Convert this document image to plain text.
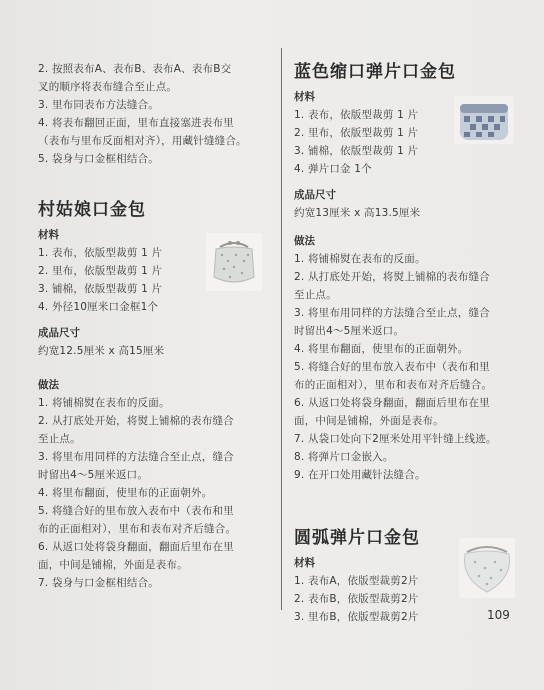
2. 按照表布A、表布B、表布A、表布B交
叉的顺序将表布缝合至止点。
3. 里布同表布方法缝合。
4. 将表布翻回正面，里布直接塞进表布里
（表布与里布反面相对齐），用藏针缝缝合。
5. 袋身与口金框相结合。
村姑娘口金包
材料
1. 表布，依版型裁剪 1 片
2. 里布，依版型裁剪 1 片
3. 铺棉，依版型裁剪 1 片
4. 外径10厘米口金框1个
成品尺寸
约宽12.5厘米 x 高15厘米
做法
1. 将铺棉熨在表布的反面。
2. 从打底处开始，将熨上铺棉的表布缝合
至止点。
3. 将里布用同样的方法缝合至止点，缝合
时留出4～5厘米返口。
4. 将里布翻面，使里布的正面朝外。
5. 将缝合好的里布放入表布中（表布和里
布的正面相对），里布和表布对齐后缝合。
6. 从返口处将袋身翻面，翻面后里布在里
面，中间是铺棉，外面是表布。
7. 袋身与口金框相结合。
蓝色缩口弹片口金包
材料
1. 表布，依版型裁剪 1 片
2. 里布，依版型裁剪 1 片
3. 铺棉，依版型裁剪 1 片
4. 弹片口金 1个
成品尺寸
约宽13厘米 x 高13.5厘米
做法
1. 将铺棉熨在表布的反面。
2. 从打底处开始，将熨上铺棉的表布缝合
至止点。
3. 将里布用同样的方法缝合至止点，缝合
时留出4～5厘米返口。
4. 将里布翻面，使里布的正面朝外。
5. 将缝合好的里布放入表布中（表布和里
布的正面相对），里布和表布对齐后缝合。
6. 从返口处将袋身翻面，翻面后里布在里
面，中间是铺棉，外面是表布。
7. 从袋口处向下2厘米处用平针缝上线迹。
8. 将弹片口金嵌入。
9. 在开口处用藏针法缝合。
圆弧弹片口金包
材料
1. 表布A，依版型裁剪2片
2. 表布B，依版型裁剪2片
3. 里布B，依版型裁剪2片	109
